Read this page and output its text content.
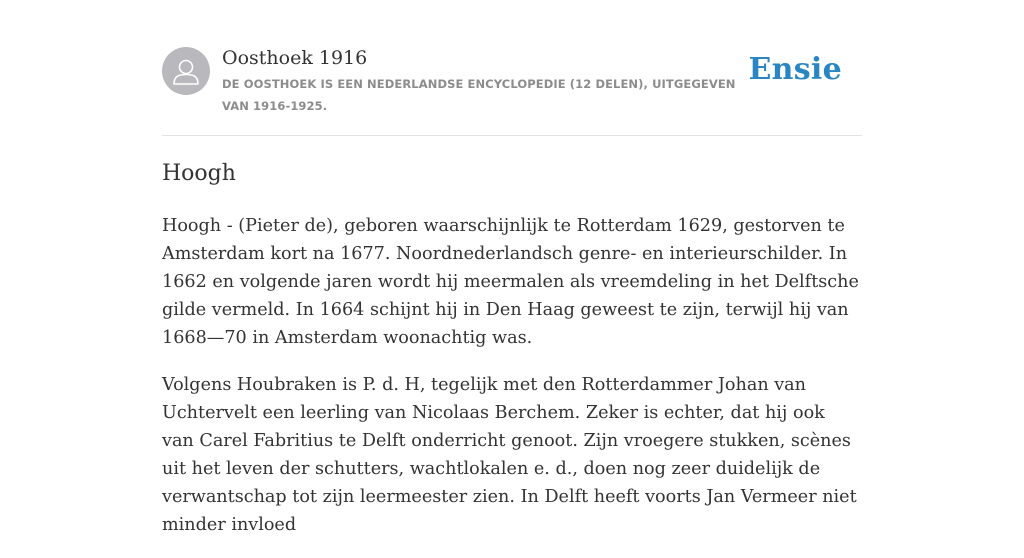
Oosthoek 1916
DE OOSTHOEK IS EEN NEDERLANDSE ENCYCLOPEDIE (12 DELEN), UITGEGEVEN VAN 1916-1925.
Ensie
Hoogh

Hoogh - (Pieter de), geboren waarschijnlijk te Rotterdam 1629, gestorven te Amsterdam kort na 1677. Noordnederlandsch genre- en interieurschilder. In 1662 en volgende jaren wordt hij meermalen als vreemdeling in het Delftsche gilde vermeld. In 1664 schijnt hij in Den Haag geweest te zijn, terwijl hij van 1668—70 in Amsterdam woonachtig was.

Volgens Houbraken is P. d. H, tegelijk met den Rotterdammer Johan van Uchtervelt een leerling van Nicolaas Berchem. Zeker is echter, dat hij ook van Carel Fabritius te Delft onderricht genoot. Zijn vroegere stukken, scènes uit het leven der schutters, wachtlokalen e. d., doen nog zeer duidelijk de verwantschap tot zijn leermeester zien. In Delft heeft voorts Jan Vermeer niet minder invloed
